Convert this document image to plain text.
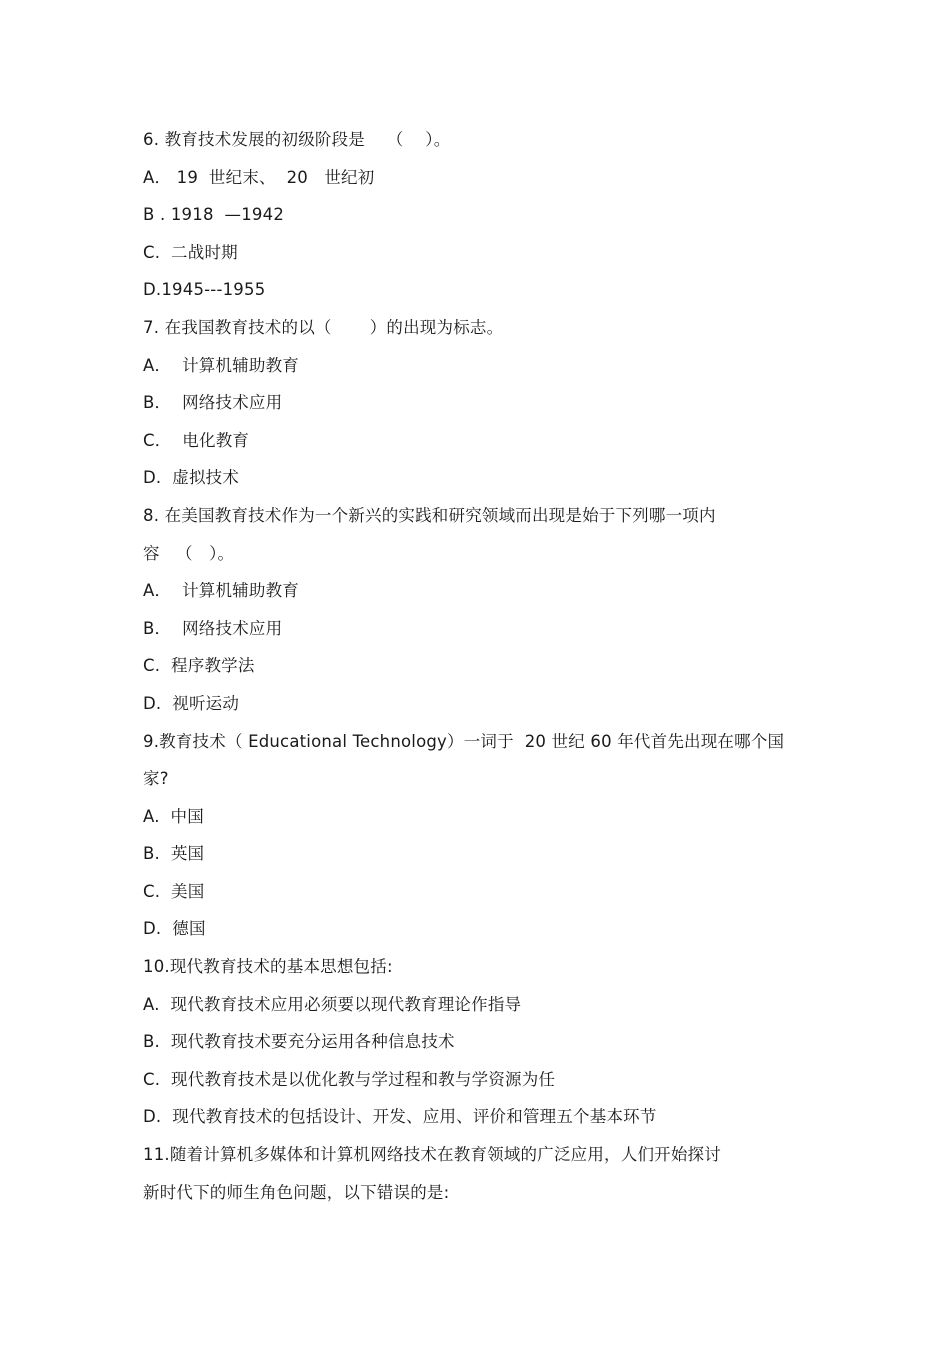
6. 教育技术发展的初级阶段是    （    ）。
A． 19  世纪末、  20   世纪初
B . 1918  —1942
C.  二战时期
D.1945---1955
7. 在我国教育技术的以（       ）的出现为标志。
A．  计算机辅助教育
B．  网络技术应用
C．  电化教育
D.  虚拟技术
8. 在美国教育技术作为一个新兴的实践和研究领域而出现是始于下列哪一项内
容   （   ）。
A．  计算机辅助教育
B．  网络技术应用
C.  程序教学法
D.  视听运动
9.教育技术（ Educational Technology）一词于  20 世纪 60 年代首先出现在哪个国
家?
A.  中国
B.  英国
C.  美国
D.  德国
10.现代教育技术的基本思想包括:
A.  现代教育技术应用必须要以现代教育理论作指导
B.  现代教育技术要充分运用各种信息技术
C.  现代教育技术是以优化教与学过程和教与学资源为任
D.  现代教育技术的包括设计、开发、应用、评价和管理五个基本环节
11.随着计算机多媒体和计算机网络技术在教育领域的广泛应用，人们开始探讨
新时代下的师生角色问题，以下错误的是:
